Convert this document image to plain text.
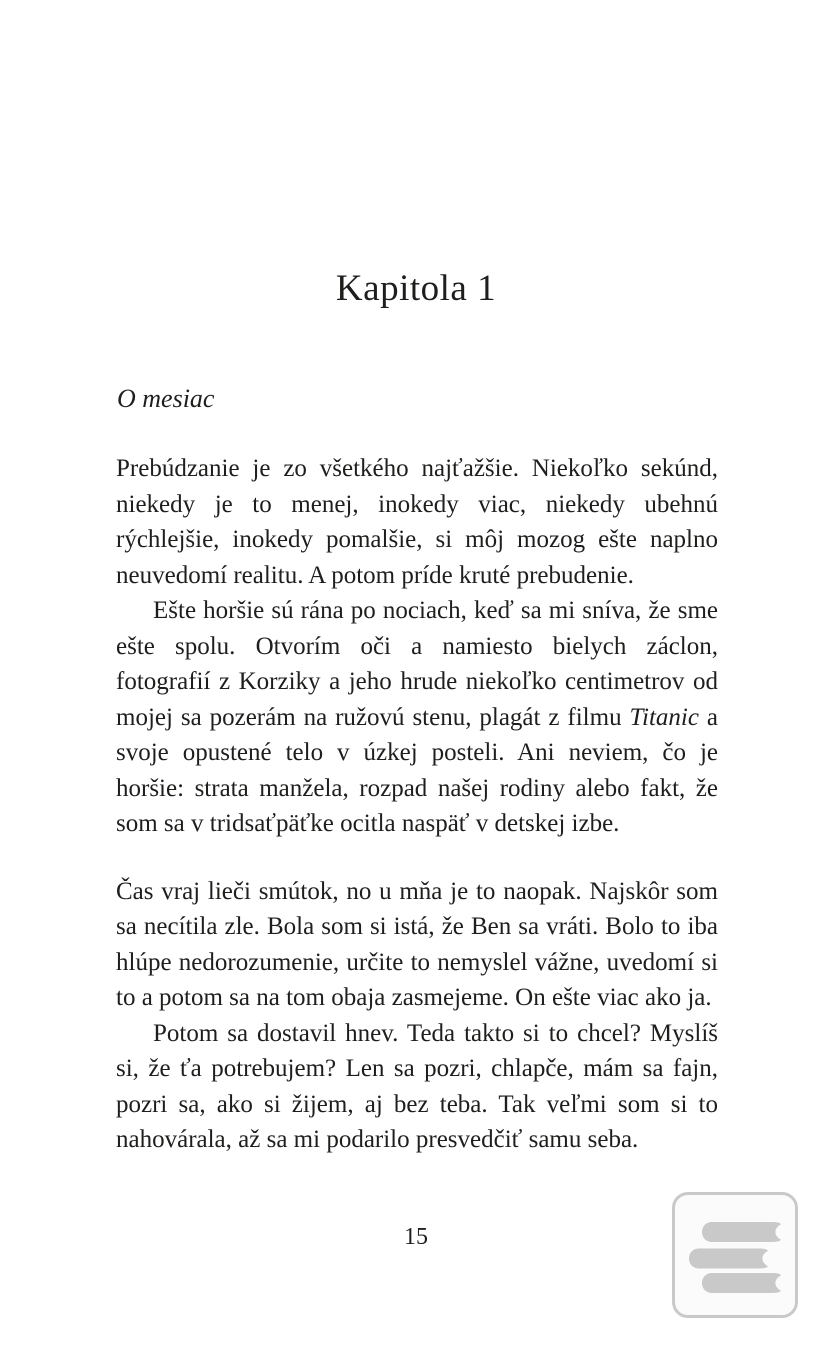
Kapitola 1
O mesiac

Prebúdzanie je zo všetkého najťažšie. Niekoľko sekúnd, niekedy je to menej, inokedy viac, niekedy ubehnú rýchlejšie, inokedy pomalšie, si môj mozog ešte naplno neuvedomí realitu. A potom príde kruté prebudenie.

Ešte horšie sú rána po nociach, keď sa mi sníva, že sme ešte spolu. Otvorím oči a namiesto bielych záclon, fotografií z Korziky a jeho hrude niekoľko centimetrov od mojej sa pozerám na ružovú stenu, plagát z filmu Titanic a svoje opustené telo v úzkej posteli. Ani neviem, čo je horšie: strata manžela, rozpad našej rodiny alebo fakt, že som sa v tridsaťpäťke ocitla naspäť v detskej izbe.

Čas vraj lieči smútok, no u mňa je to naopak. Najskôr som sa necítila zle. Bola som si istá, že Ben sa vráti. Bolo to iba hlúpe nedorozumenie, určite to nemyslel vážne, uvedomí si to a potom sa na tom obaja zasmejeme. On ešte viac ako ja.

Potom sa dostavil hnev. Teda takto si to chcel? Myslíš si, že ťa potrebujem? Len sa pozri, chlapče, mám sa fajn, pozri sa, ako si žijem, aj bez teba. Tak veľmi som si to nahovárala, až sa mi podarilo presvedčiť samu seba.

15
